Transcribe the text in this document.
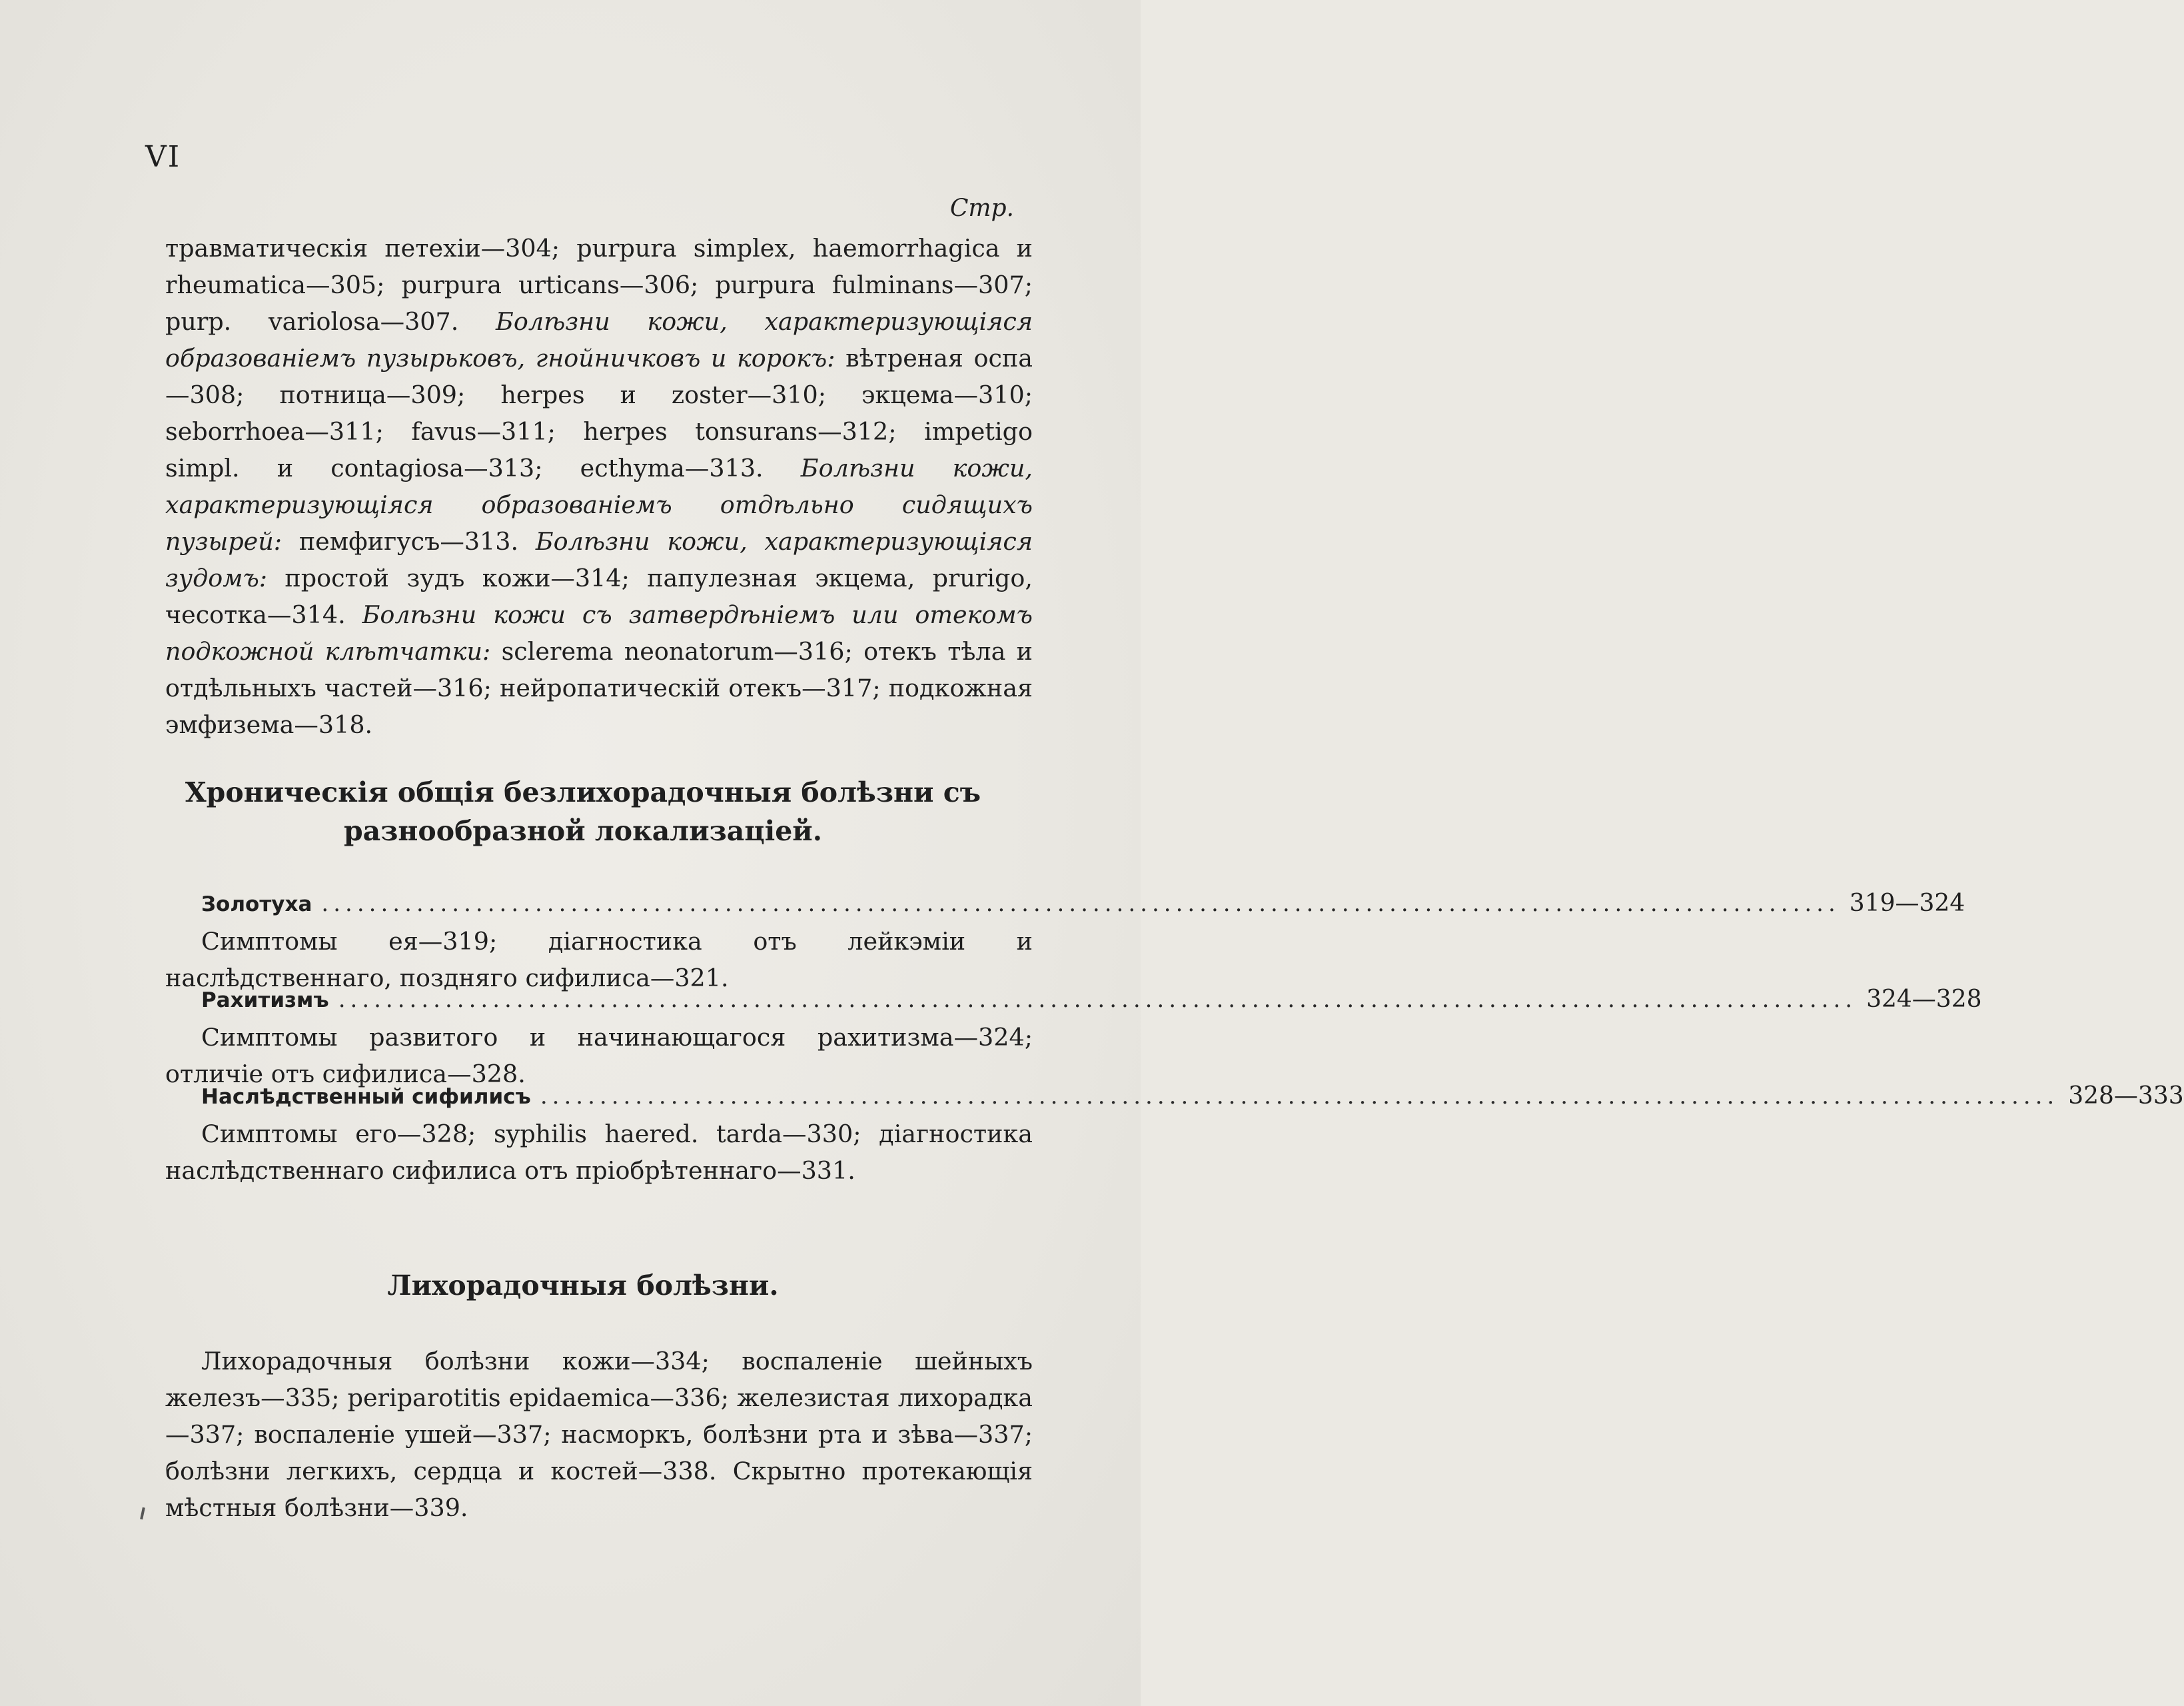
VI
Стр.
травматическія петехіи—304; purpura simplex, haemorrhagica и rheumatica—305; purpura urticans—306; purpura fulminans—307; purp. variolosa—307. Болѣзни кожи, характеризующіяся образованіемъ пузырьковъ, гнойничковъ и корокъ: вѣтреная оспа—308; потница—309; herpes и zoster—310; экцема—310; seborrhoea—311; favus—311; herpes tonsurans—312; impetigo simpl. и contagiosa—313; ecthyma—313. Болѣзни кожи, характеризующіяся образованіемъ отдѣльно сидящихъ пузырей: пемфигусъ—313. Болѣзни кожи, характеризующіяся зудомъ: простой зудъ кожи—314; папулезная экцема, prurigo, чесотка—314. Болѣзни кожи съ затвердѣніемъ или отекомъ подкожной клѣтчатки: sclerema neonatorum—316; отекъ тѣла и отдѣльныхъ частей—316; нейропатическій отекъ—317; подкожная эмфизема—318.
Хроническія общія безлихорадочныя болѣзни съ
разнообразной локализаціей.
Золотуха ................................................................................................................................ 319—324
Симптомы ея—319; діагностика отъ лейкэміи и наслѣдственнаго, поздняго сифилиса—321.
Рахитизмъ ................................................................................................................................ 324—328
Симптомы развитого и начинающагося рахитизма—324; отличіе отъ сифилиса—328.
Наслѣдственный сифилисъ ................................................................................................................................ 328—333
Симптомы его—328; syphilis haered. tarda—330; діагностика наслѣдственнаго сифилиса отъ пріобрѣтеннаго—331.
Лихорадочныя болѣзни.
Лихорадочныя болѣзни кожи—334; воспаленіе шейныхъ железъ—335; periparotitis epidaemica—336; железистая лихорадка—337; воспаленіе ушей—337; насморкъ, болѣзни рта и зѣва—337; болѣзни легкихъ, сердца и костей—338. Скрытно протекающія мѣстныя болѣзни—339.
